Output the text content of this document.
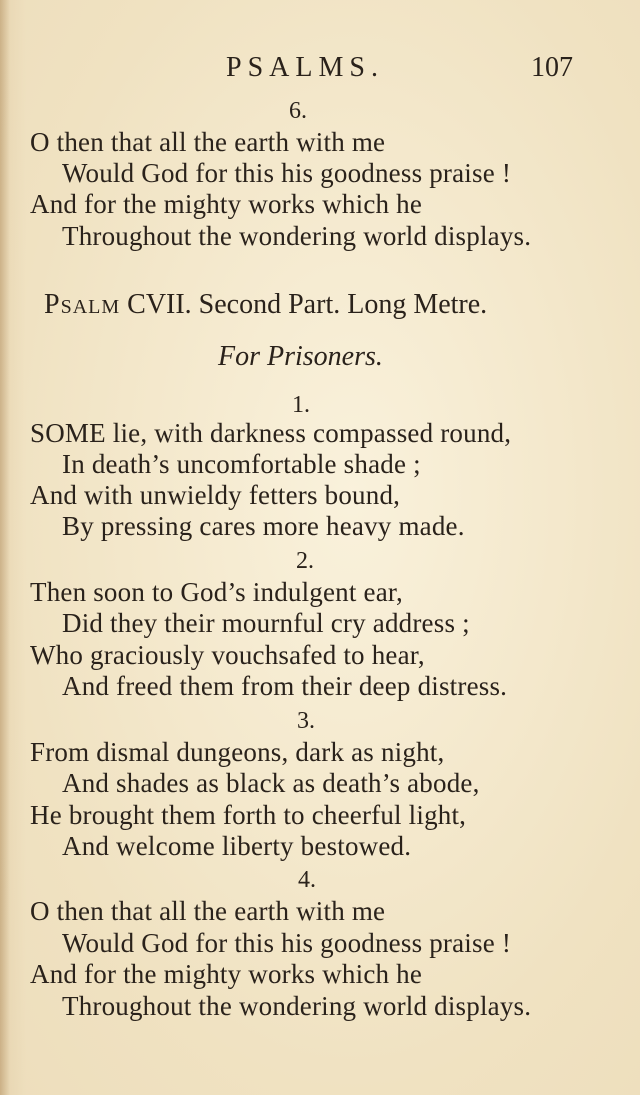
PSALMS.	107
6.
O then that all the earth with me
Would God for this his goodness praise !
And for the mighty works which he
Throughout the wondering world displays.
Psalm CVII. Second Part. Long Metre.
For Prisoners.
1.
SOME lie, with darkness compassed round,
In death’s uncomfortable shade ;
And with unwieldy fetters bound,
By pressing cares more heavy made.
2.
Then soon to God’s indulgent ear,
Did they their mournful cry address ;
Who graciously vouchsafed to hear,
And freed them from their deep distress.
3.
From dismal dungeons, dark as night,
And shades as black as death’s abode,
He brought them forth to cheerful light,
And welcome liberty bestowed.
4.
O then that all the earth with me
Would God for this his goodness praise !
And for the mighty works which he
Throughout the wondering world displays.
